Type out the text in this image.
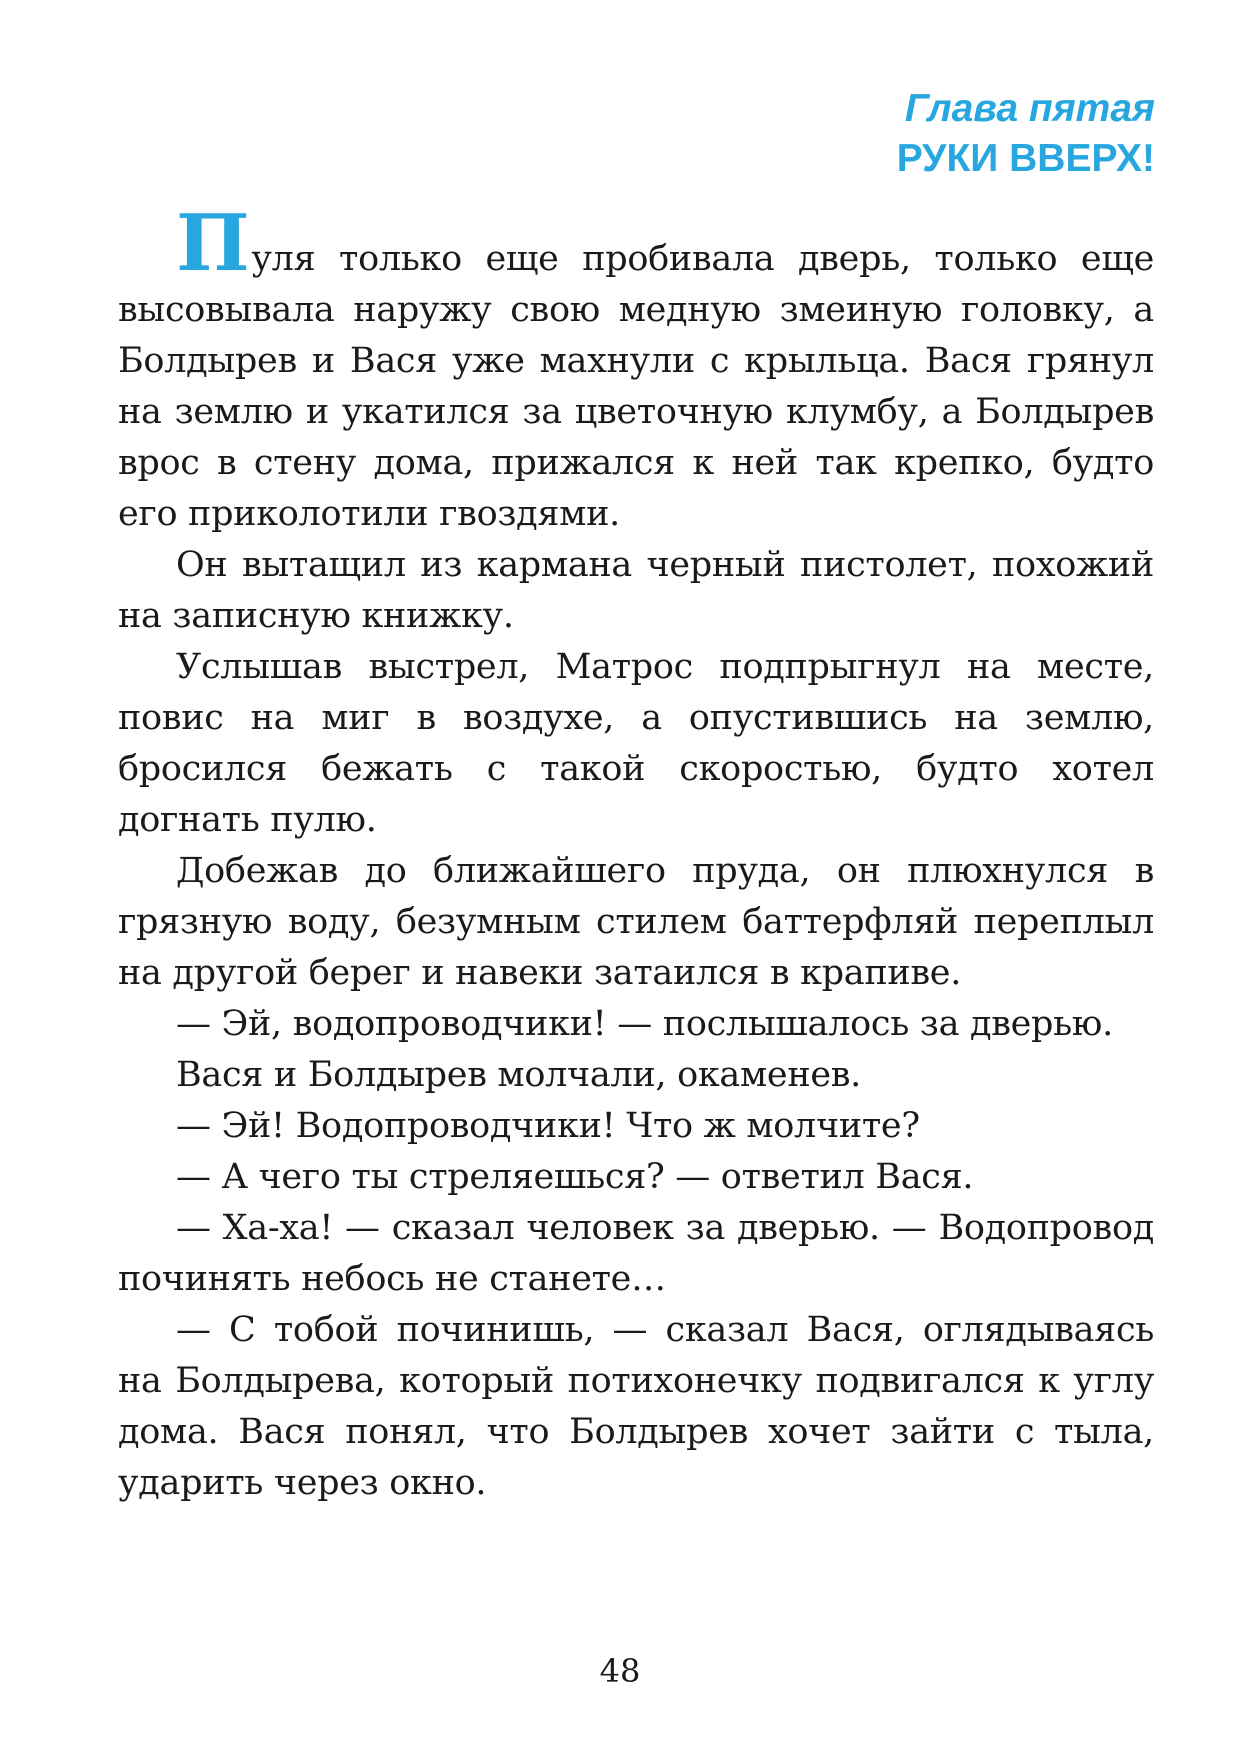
Глава пятая
РУКИ ВВЕРХ!

Пуля только еще пробивала дверь, только еще высовывала наружу свою медную змеиную головку, а Болдырев и Вася уже махнули с крыльца. Вася грянул на землю и укатился за цветочную клумбу, а Болдырев врос в стену дома, прижался к ней так крепко, будто его приколотили гвоздями.

Он вытащил из кармана черный пистолет, похожий на записную книжку.

Услышав выстрел, Матрос подпрыгнул на месте, повис на миг в воздухе, а опустившись на землю, бросился бежать с такой скоростью, будто хотел догнать пулю.

Добежав до ближайшего пруда, он плюхнулся в грязную воду, безумным стилем баттерфляй переплыл на другой берег и навеки затаился в крапиве.

— Эй, водопроводчики! — послышалось за дверью.

Вася и Болдырев молчали, окаменев.

— Эй! Водопроводчики! Что ж молчите?

— А чего ты стреляешься? — ответил Вася.

— Ха-ха! — сказал человек за дверью. — Водопровод починять небось не станете…

— С тобой починишь, — сказал Вася, оглядываясь на Болдырева, который потихонечку подвигался к углу дома. Вася понял, что Болдырев хочет зайти с тыла, ударить через окно.

48
